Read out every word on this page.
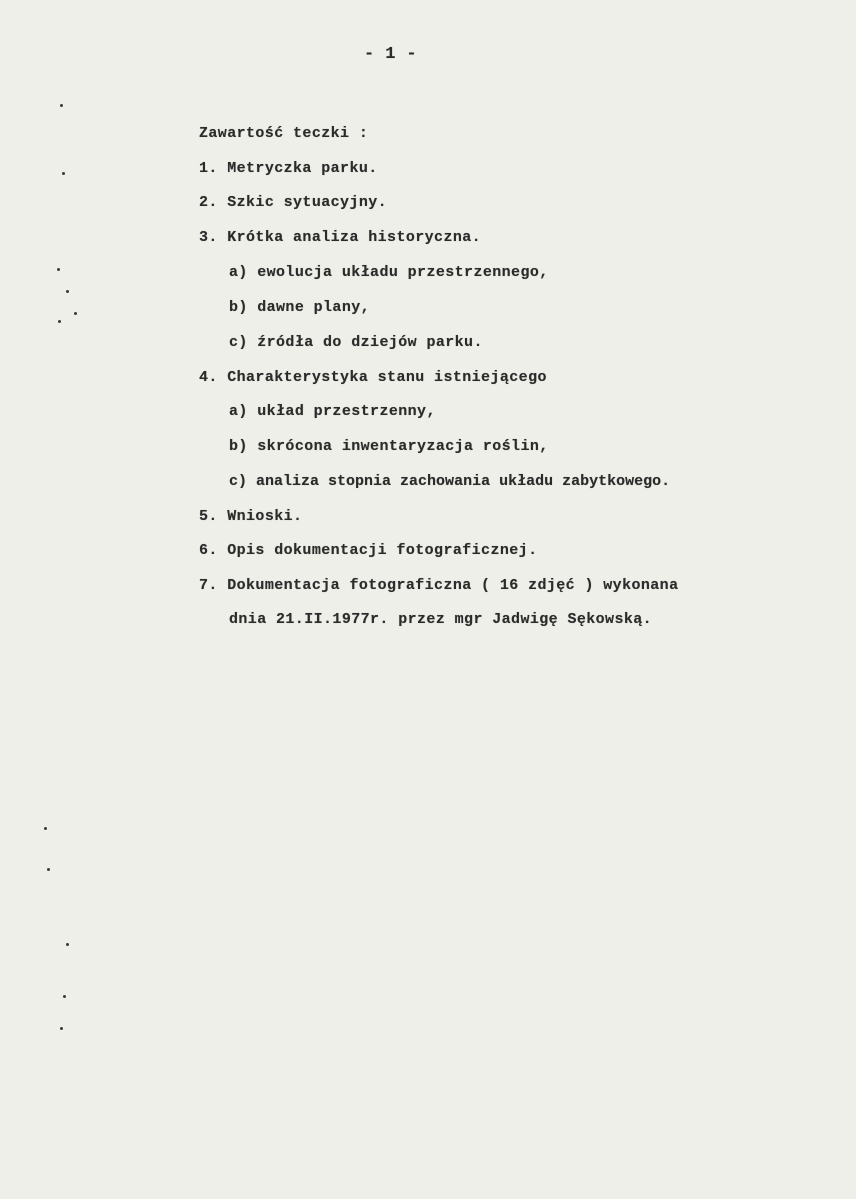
- 1 -
Zawartość teczki :
1. Metryczka parku.
2. Szkic sytuacyjny.
3. Krótka analiza historyczna.
a) ewolucja układu przestrzennego,
b) dawne plany,
c) źródła do dziejów parku.
4. Charakterystyka stanu istniejącego
a) układ przestrzenny,
b) skrócona inwentaryzacja roślin,
c) analiza stopnia zachowania układu zabytkowego.
5. Wnioski.
6. Opis dokumentacji fotograficznej.
7. Dokumentacja fotograficzna ( 16 zdjęć ) wykonana
dnia 21.II.1977r. przez mgr Jadwigę Sękowską.
